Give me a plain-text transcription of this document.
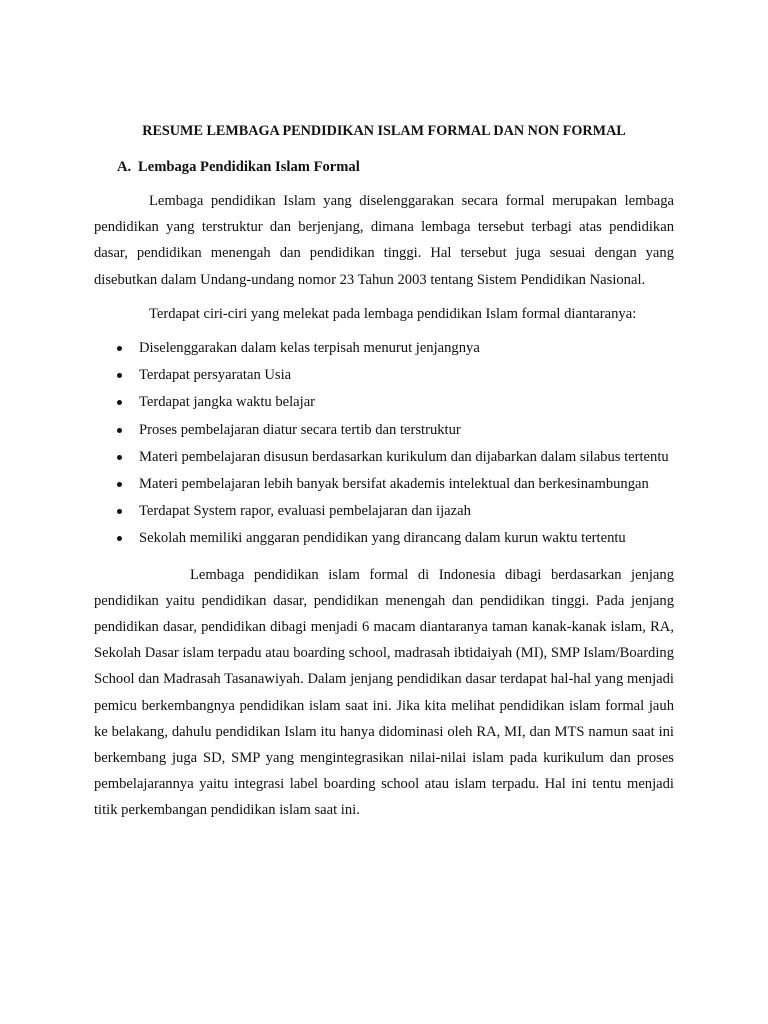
RESUME LEMBAGA PENDIDIKAN ISLAM FORMAL DAN NON FORMAL
A. Lembaga Pendidikan Islam Formal

Lembaga pendidikan Islam yang diselenggarakan secara formal merupakan lembaga pendidikan yang terstruktur dan berjenjang, dimana lembaga tersebut terbagi atas pendidikan dasar, pendidikan menengah dan pendidikan tinggi. Hal tersebut juga sesuai dengan yang disebutkan dalam Undang-undang nomor 23 Tahun 2003 tentang Sistem Pendidikan Nasional.

Terdapat ciri-ciri yang melekat pada lembaga pendidikan Islam formal diantaranya:

Diselenggarakan dalam kelas terpisah menurut jenjangnya
Terdapat persyaratan Usia
Terdapat jangka waktu belajar
Proses pembelajaran diatur secara tertib dan terstruktur
Materi pembelajaran disusun berdasarkan kurikulum dan dijabarkan dalam silabus tertentu
Materi pembelajaran lebih banyak bersifat akademis intelektual dan berkesinambungan
Terdapat System rapor, evaluasi pembelajaran dan ijazah
Sekolah memiliki anggaran pendidikan yang dirancang dalam kurun waktu tertentu

Lembaga pendidikan islam formal di Indonesia dibagi berdasarkan jenjang pendidikan yaitu pendidikan dasar, pendidikan menengah dan pendidikan tinggi. Pada jenjang pendidikan dasar, pendidikan dibagi menjadi 6 macam diantaranya taman kanak-kanak islam, RA, Sekolah Dasar islam terpadu atau boarding school, madrasah ibtidaiyah (MI), SMP Islam/Boarding School dan Madrasah Tasanawiyah. Dalam jenjang pendidikan dasar terdapat hal-hal yang menjadi pemicu berkembangnya pendidikan islam saat ini. Jika kita melihat pendidikan islam formal jauh ke belakang, dahulu pendidikan Islam itu hanya didominasi oleh RA, MI, dan MTS namun saat ini berkembang juga SD, SMP yang mengintegrasikan nilai-nilai islam pada kurikulum dan proses pembelajarannya yaitu integrasi label boarding school atau islam terpadu. Hal ini tentu menjadi titik perkembangan pendidikan islam saat ini.
